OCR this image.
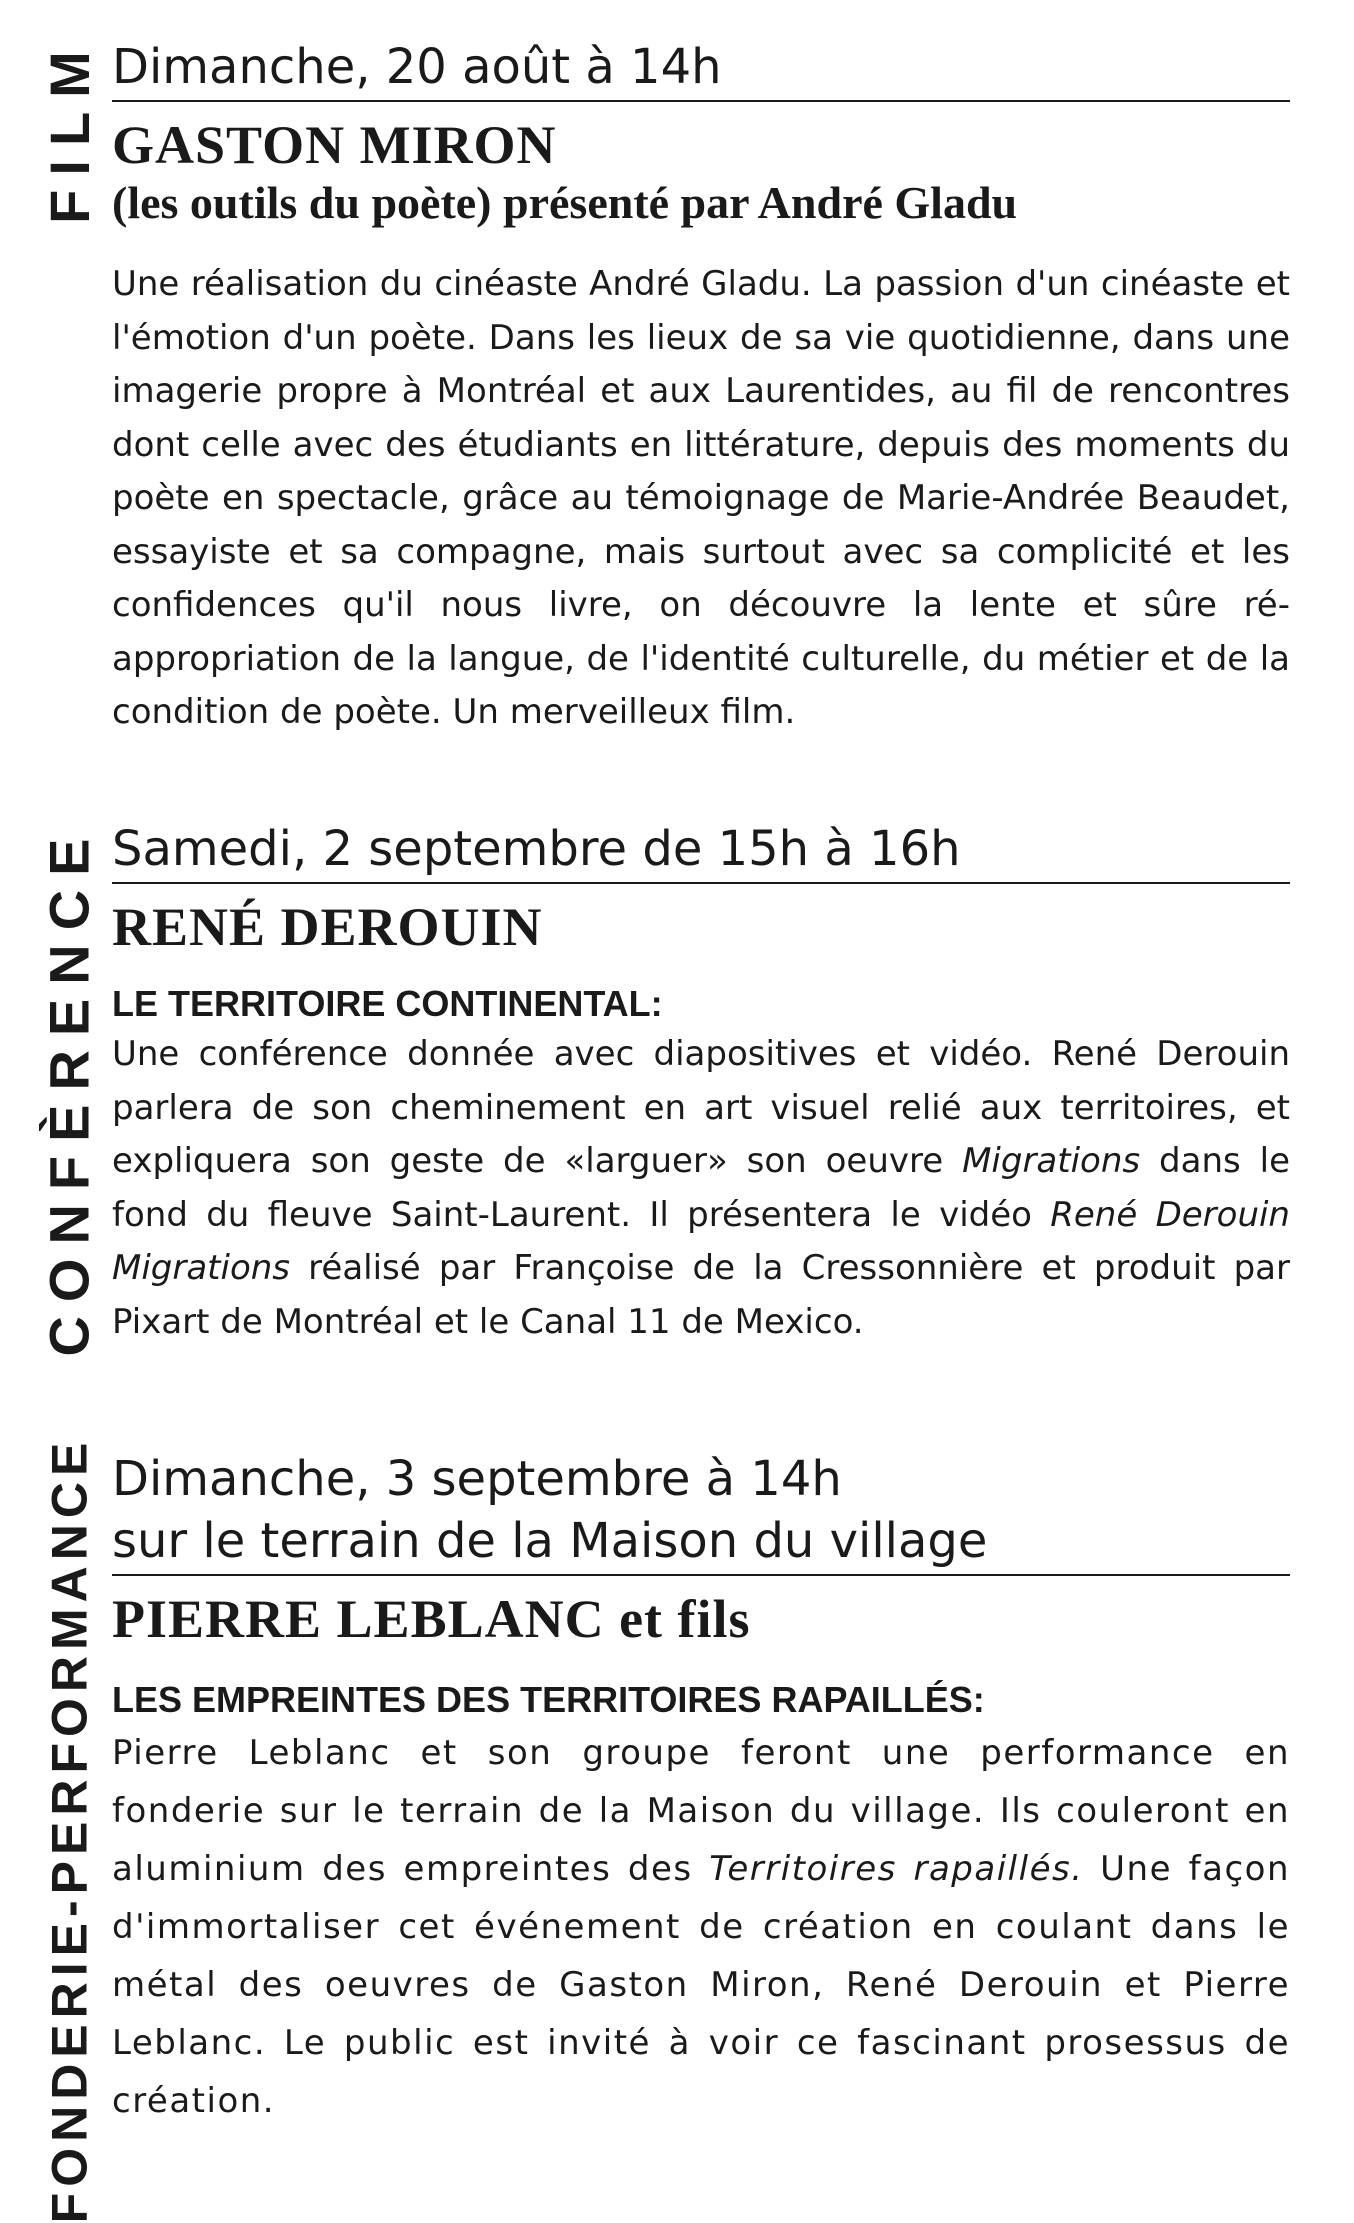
FILM Dimanche, 20 août à 14h
GASTON MIRON
(les outils du poète) présenté par André Gladu
Une réalisation du cinéaste André Gladu. La passion d'un cinéaste et l'émotion d'un poète. Dans les lieux de sa vie quotidienne, dans une imagerie propre à Montréal et aux Laurentides, au fil de rencontres dont celle avec des étudiants en littérature, depuis des moments du poète en spectacle, grâce au témoignage de Marie-Andrée Beaudet, essayiste et sa compagne, mais surtout avec sa complicité et les confidences qu'il nous livre, on découvre la lente et sûre ré-appropriation de la langue, de l'identité culturelle, du métier et de la condition de poète. Un merveilleux film.
CONFÈRENCE Samedi, 2 septembre de 15h à 16h
RENÉ DEROUIN
LE TERRITOIRE CONTINENTAL:
Une conférence donnée avec diapositives et vidéo. René Derouin parlera de son cheminement en art visuel relié aux territoires, et expliquera son geste de «larguer» son oeuvre Migrations dans le fond du fleuve Saint-Laurent. Il présentera le vidéo René Derouin Migrations réalisé par Françoise de la Cressonnière et produit par Pixart de Montréal et le Canal 11 de Mexico.
FONDERIE-PERFORMANCE Dimanche, 3 septembre à 14h
sur le terrain de la Maison du village
PIERRE LEBLANC et fils
LES EMPREINTES DES TERRITOIRES RAPAILLÉS:
Pierre Leblanc et son groupe feront une performance en fonderie sur le terrain de la Maison du village. Ils couleront en aluminium des empreintes des Territoires rapaillés. Une façon d'immortaliser cet événement de création en coulant dans le métal des oeuvres de Gaston Miron, René Derouin et Pierre Leblanc. Le public est invité à voir ce fascinant prosessus de création.
